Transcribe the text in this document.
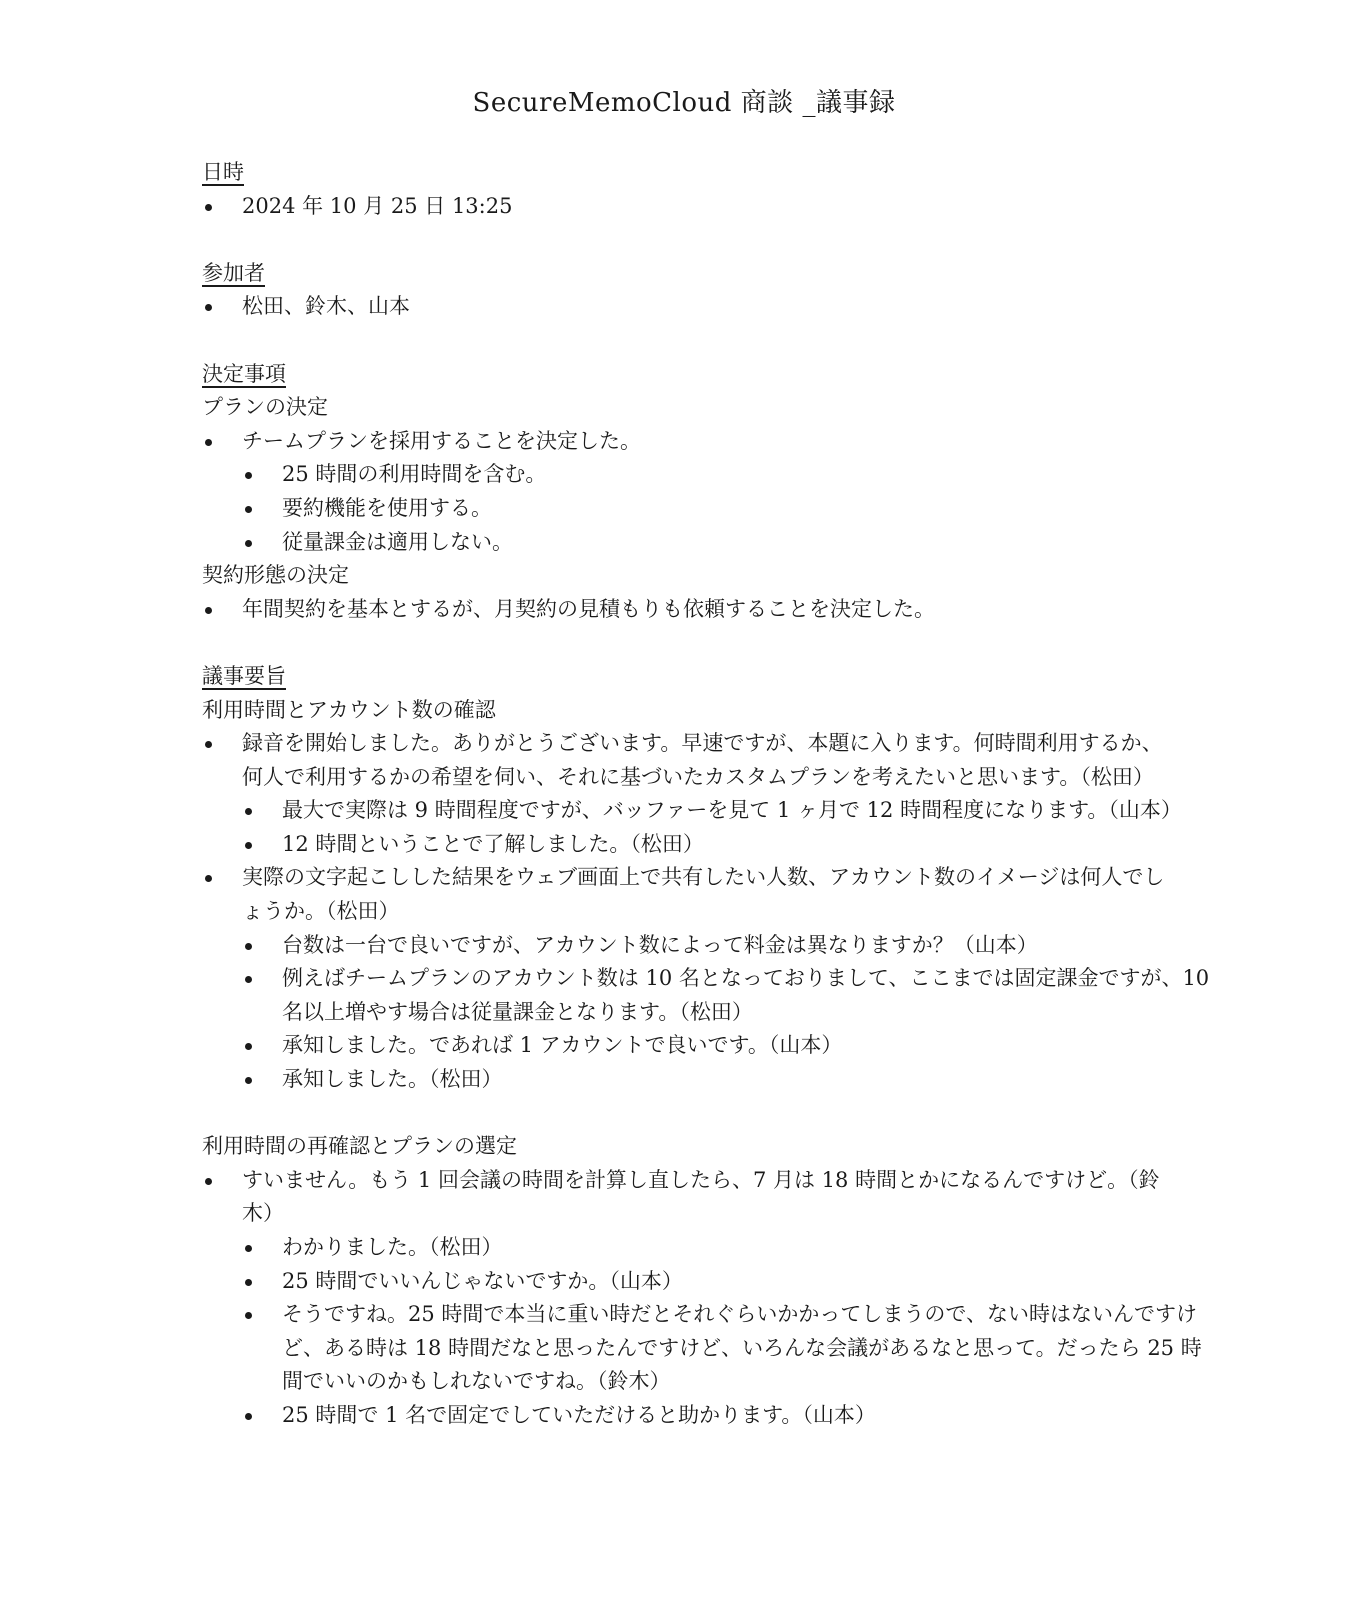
SecureMemoCloud 商談 _議事録
日時
2024 年 10 月 25 日 13:25
参加者
松田、鈴木、山本
決定事項
プランの決定
チームプランを採用することを決定した。
25 時間の利用時間を含む。
要約機能を使用する。
従量課金は適用しない。
契約形態の決定
年間契約を基本とするが、月契約の見積もりも依頼することを決定した。
議事要旨
利用時間とアカウント数の確認
録音を開始しました。ありがとうございます。早速ですが、本題に入ります。何時間利用するか、何人で利用するかの希望を伺い、それに基づいたカスタムプランを考えたいと思います。（松田）
最大で実際は 9 時間程度ですが、バッファーを見て 1 ヶ月で 12 時間程度になります。（山本）
12 時間ということで了解しました。（松田）
実際の文字起こしした結果をウェブ画面上で共有したい人数、アカウント数のイメージは何人でしょうか。（松田）
台数は一台で良いですが、アカウント数によって料金は異なりますか？（山本）
例えばチームプランのアカウント数は 10 名となっておりまして、ここまでは固定課金ですが、10 名以上増やす場合は従量課金となります。（松田）
承知しました。であれば 1 アカウントで良いです。（山本）
承知しました。（松田）
利用時間の再確認とプランの選定
すいません。もう 1 回会議の時間を計算し直したら、7 月は 18 時間とかになるんですけど。（鈴木）
わかりました。（松田）
25 時間でいいんじゃないですか。（山本）
そうですね。25 時間で本当に重い時だとそれぐらいかかってしまうので、ない時はないんですけど、ある時は 18 時間だなと思ったんですけど、いろんな会議があるなと思って。だったら 25 時間でいいのかもしれないですね。（鈴木）
25 時間で 1 名で固定でしていただけると助かります。（山本）
